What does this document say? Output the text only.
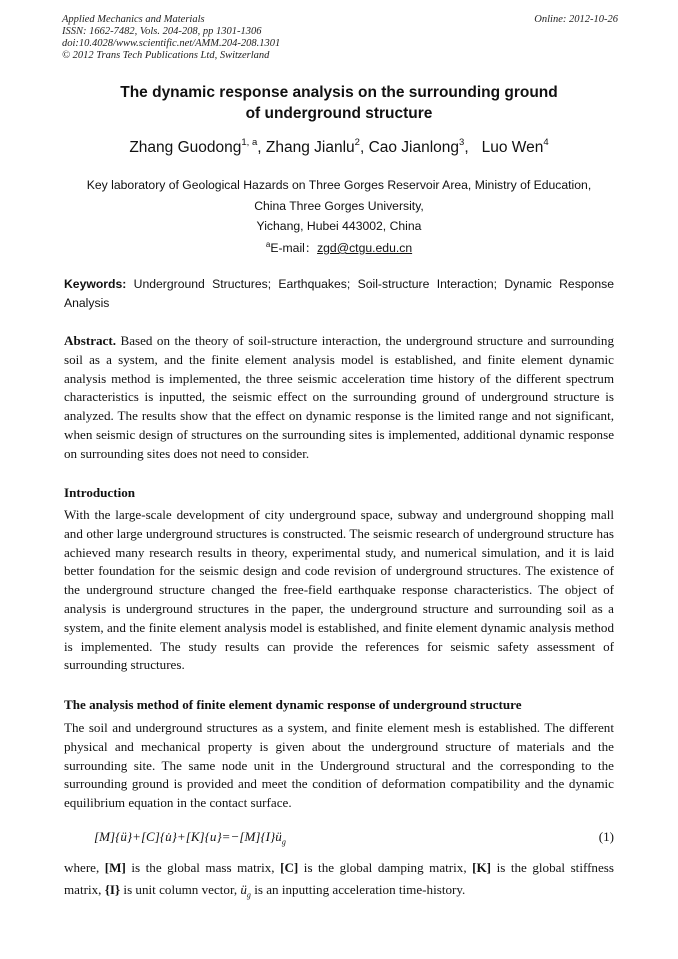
Applied Mechanics and Materials	Online: 2012-10-26
ISSN: 1662-7482, Vols. 204-208, pp 1301-1306
doi:10.4028/www.scientific.net/AMM.204-208.1301
© 2012 Trans Tech Publications Ltd, Switzerland
The dynamic response analysis on the surrounding ground
of underground structure
Zhang Guodong$^{1, a}$, Zhang Jianlu$^2$, Cao Jianlong$^3$,   Luo Wen$^4$
Key laboratory of Geological Hazards on Three Gorges Reservoir Area, Ministry of Education,
China Three Gorges University,
Yichang, Hubei 443002, China
$^a$E-mail：zgd@ctgu.edu.cn
Keywords: Underground Structures; Earthquakes; Soil-structure Interaction; Dynamic Response Analysis
Abstract. Based on the theory of soil-structure interaction, the underground structure and surrounding soil as a system, and the finite element analysis model is established, and finite element dynamic analysis method is implemented, the three seismic acceleration time history of the different spectrum characteristics is inputted, the seismic effect on the surrounding ground of underground structure is analyzed. The results show that the effect on dynamic response is the limited range and not significant, when seismic design of structures on the surrounding sites is implemented, additional dynamic response on surrounding sites does not need to consider.
Introduction
With the large-scale development of city underground space, subway and underground shopping mall and other large underground structures is constructed. The seismic research of underground structure has achieved many research results in theory, experimental study, and numerical simulation, and it is laid better foundation for the seismic design and code revision of underground structures. The existence of the underground structure changed the free-field earthquake response characteristics. The object of analysis is underground structures in the paper, the underground structure and surrounding soil as a system, and the finite element analysis model is established, and finite element dynamic analysis method is implemented. The study results can provide the references for seismic safety assessment of surrounding structures.
The analysis method of finite element dynamic response of underground structure
The soil and underground structures as a system, and finite element mesh is established. The different physical and mechanical property is given about the underground structure of materials and the surrounding site. The same node unit in the Underground structural and the corresponding to the surrounding ground is provided and meet the condition of deformation compatibility and the dynamic equilibrium equation in the contact surface.
$[M]\{ü\}+[C]\{u̇\}+[K]\{u\}=-[M]\{I\}ü_g$	(1)
where, [M] is the global mass matrix, [C] is the global damping matrix, [K] is the global stiffness matrix, {I} is unit column vector, $ü_g$ is an inputting acceleration time-history.
